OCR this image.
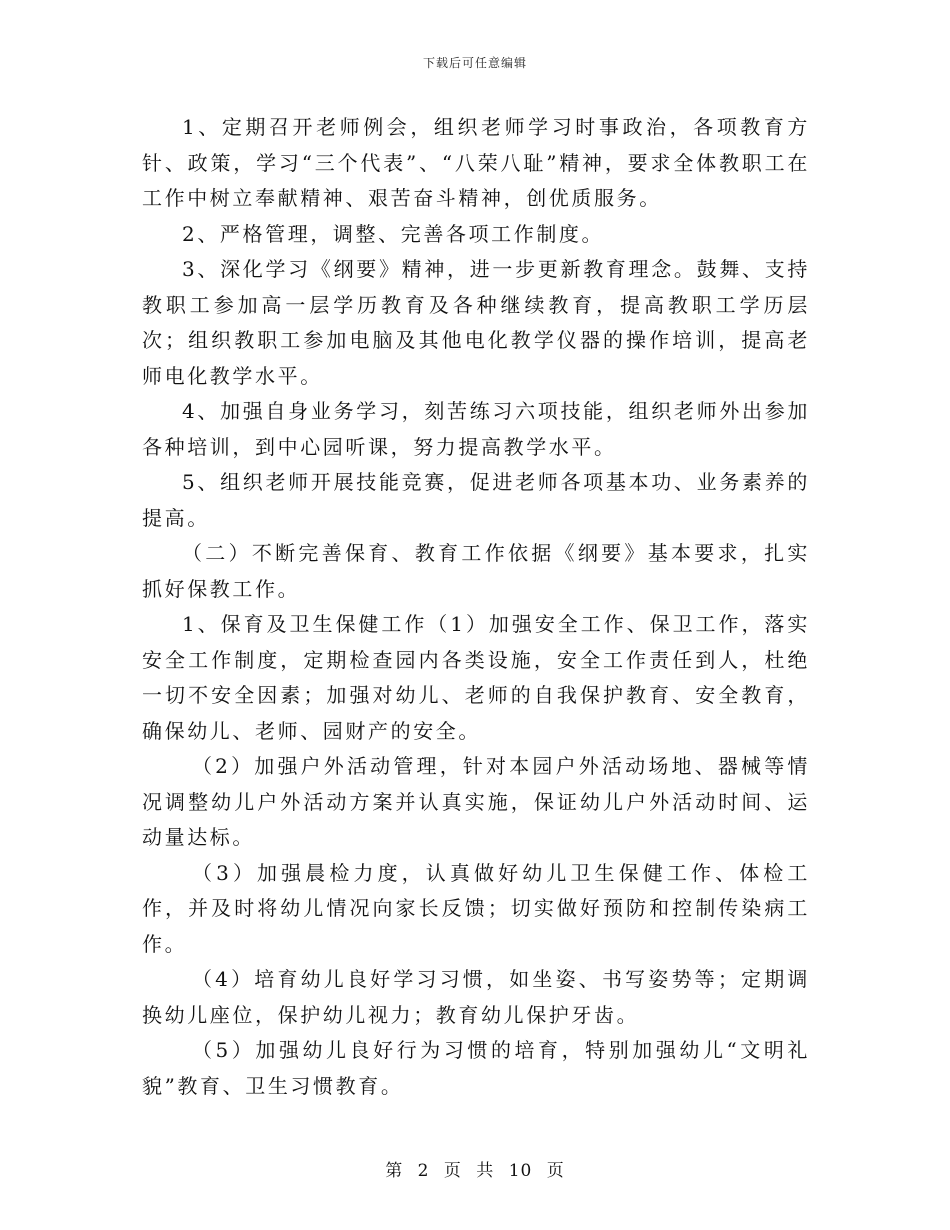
下载后可任意编辑

1、定期召开老师例会，组织老师学习时事政治，各项教育方针、政策，学习“三个代表”、“八荣八耻”精神，要求全体教职工在工作中树立奉献精神、艰苦奋斗精神，创优质服务。

2、严格管理，调整、完善各项工作制度。

3、深化学习《纲要》精神，进一步更新教育理念。鼓舞、支持教职工参加高一层学历教育及各种继续教育，提高教职工学历层次；组织教职工参加电脑及其他电化教学仪器的操作培训，提高老师电化教学水平。

4、加强自身业务学习，刻苦练习六项技能，组织老师外出参加各种培训，到中心园听课，努力提高教学水平。

5、组织老师开展技能竞赛，促进老师各项基本功、业务素养的提高。

（二）不断完善保育、教育工作依据《纲要》基本要求，扎实抓好保教工作。

1、保育及卫生保健工作（1）加强安全工作、保卫工作，落实安全工作制度，定期检查园内各类设施，安全工作责任到人，杜绝一切不安全因素；加强对幼儿、老师的自我保护教育、安全教育，确保幼儿、老师、园财产的安全。

（2）加强户外活动管理，针对本园户外活动场地、器械等情况调整幼儿户外活动方案并认真实施，保证幼儿户外活动时间、运动量达标。

（3）加强晨检力度，认真做好幼儿卫生保健工作、体检工作，并及时将幼儿情况向家长反馈；切实做好预防和控制传染病工作。

（4）培育幼儿良好学习习惯，如坐姿、书写姿势等；定期调换幼儿座位，保护幼儿视力；教育幼儿保护牙齿。

（5）加强幼儿良好行为习惯的培育，特别加强幼儿“文明礼貌”教育、卫生习惯教育。

第 2 页 共 10 页
